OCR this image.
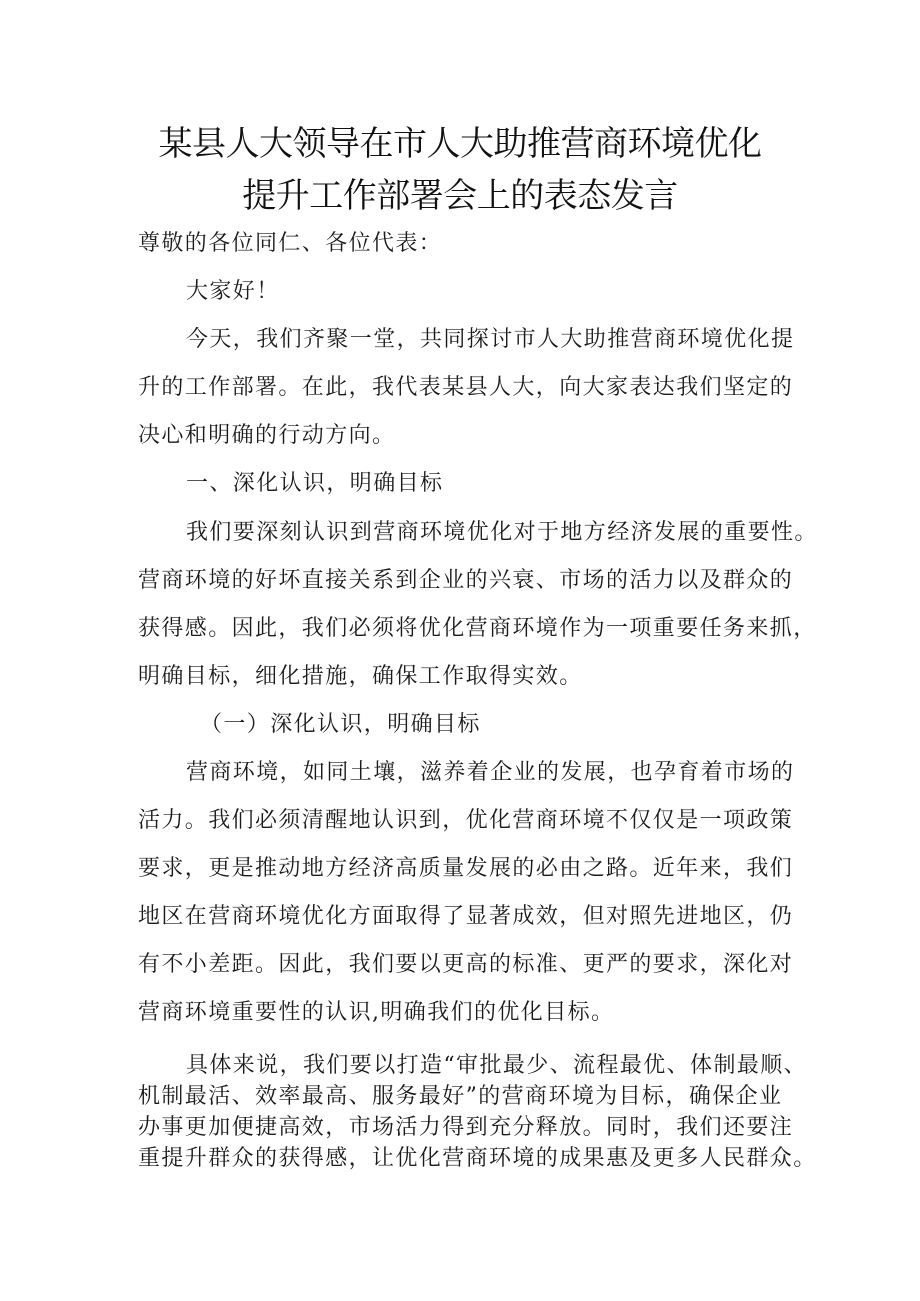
某县人大领导在市人大助推营商环境优化
提升工作部署会上的表态发言
尊敬的各位同仁、各位代表：
大家好！
今天，我们齐聚一堂，共同探讨市人大助推营商环境优化提
升的工作部署。在此，我代表某县人大，向大家表达我们坚定的
决心和明确的行动方向。
一、深化认识，明确目标
我们要深刻认识到营商环境优化对于地方经济发展的重要性。
营商环境的好坏直接关系到企业的兴衰、市场的活力以及群众的
获得感。因此，我们必须将优化营商环境作为一项重要任务来抓，
明确目标，细化措施，确保工作取得实效。
（一）深化认识，明确目标
营商环境，如同土壤，滋养着企业的发展，也孕育着市场的
活力。我们必须清醒地认识到，优化营商环境不仅仅是一项政策
要求，更是推动地方经济高质量发展的必由之路。近年来，我们
地区在营商环境优化方面取得了显著成效，但对照先进地区，仍
有不小差距。因此，我们要以更高的标准、更严的要求，深化对
营商环境重要性的认识,明确我们的优化目标。
具体来说，我们要以打造“审批最少、流程最优、体制最顺、
机制最活、效率最高、服务最好”的营商环境为目标，确保企业
办事更加便捷高效，市场活力得到充分释放。同时，我们还要注
重提升群众的获得感，让优化营商环境的成果惠及更多人民群众。
